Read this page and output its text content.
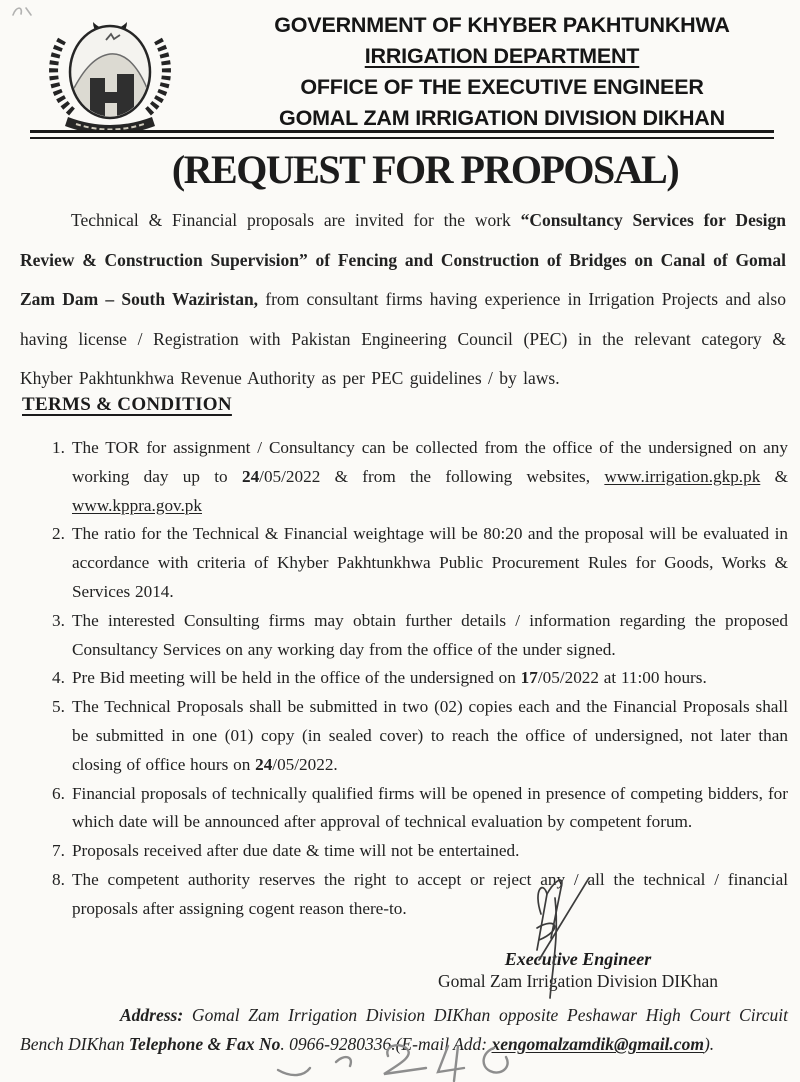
GOVERNMENT OF KHYBER PAKHTUNKHWA
IRRIGATION DEPARTMENT
OFFICE OF THE EXECUTIVE ENGINEER
GOMAL ZAM IRRIGATION DIVISION DIKHAN
(REQUEST FOR PROPOSAL)

Technical & Financial proposals are invited for the work “Consultancy Services for Design Review & Construction Supervision” of Fencing and Construction of Bridges on Canal of Gomal Zam Dam – South Waziristan, from consultant firms having experience in Irrigation Projects and also having license / Registration with Pakistan Engineering Council (PEC) in the relevant category & Khyber Pakhtunkhwa Revenue Authority as per PEC guidelines / by laws.

TERMS & CONDITION
1. The TOR for assignment / Consultancy can be collected from the office of the undersigned on any working day up to 24/05/2022 & from the following websites, www.irrigation.gkp.pk & www.kppra.gov.pk
2. The ratio for the Technical & Financial weightage will be 80:20 and the proposal will be evaluated in accordance with criteria of Khyber Pakhtunkhwa Public Procurement Rules for Goods, Works & Services 2014.
3. The interested Consulting firms may obtain further details / information regarding the proposed Consultancy Services on any working day from the office of the under signed.
4. Pre Bid meeting will be held in the office of the undersigned on 17/05/2022 at 11:00 hours.
5. The Technical Proposals shall be submitted in two (02) copies each and the Financial Proposals shall be submitted in one (01) copy (in sealed cover) to reach the office of undersigned, not later than closing of office hours on 24/05/2022.
6. Financial proposals of technically qualified firms will be opened in presence of competing bidders, for which date will be announced after approval of technical evaluation by competent forum.
7. Proposals received after due date & time will not be entertained.
8. The competent authority reserves the right to accept or reject any / all the technical / financial proposals after assigning cogent reason there-to.
Executive Engineer
Gomal Zam Irrigation Division DIKhan

Address: Gomal Zam Irrigation Division DIKhan opposite Peshawar High Court Circuit Bench DIKhan Telephone & Fax No. 0966-9280336.(E-mail Add: xengomalzamdik@gmail.com).
